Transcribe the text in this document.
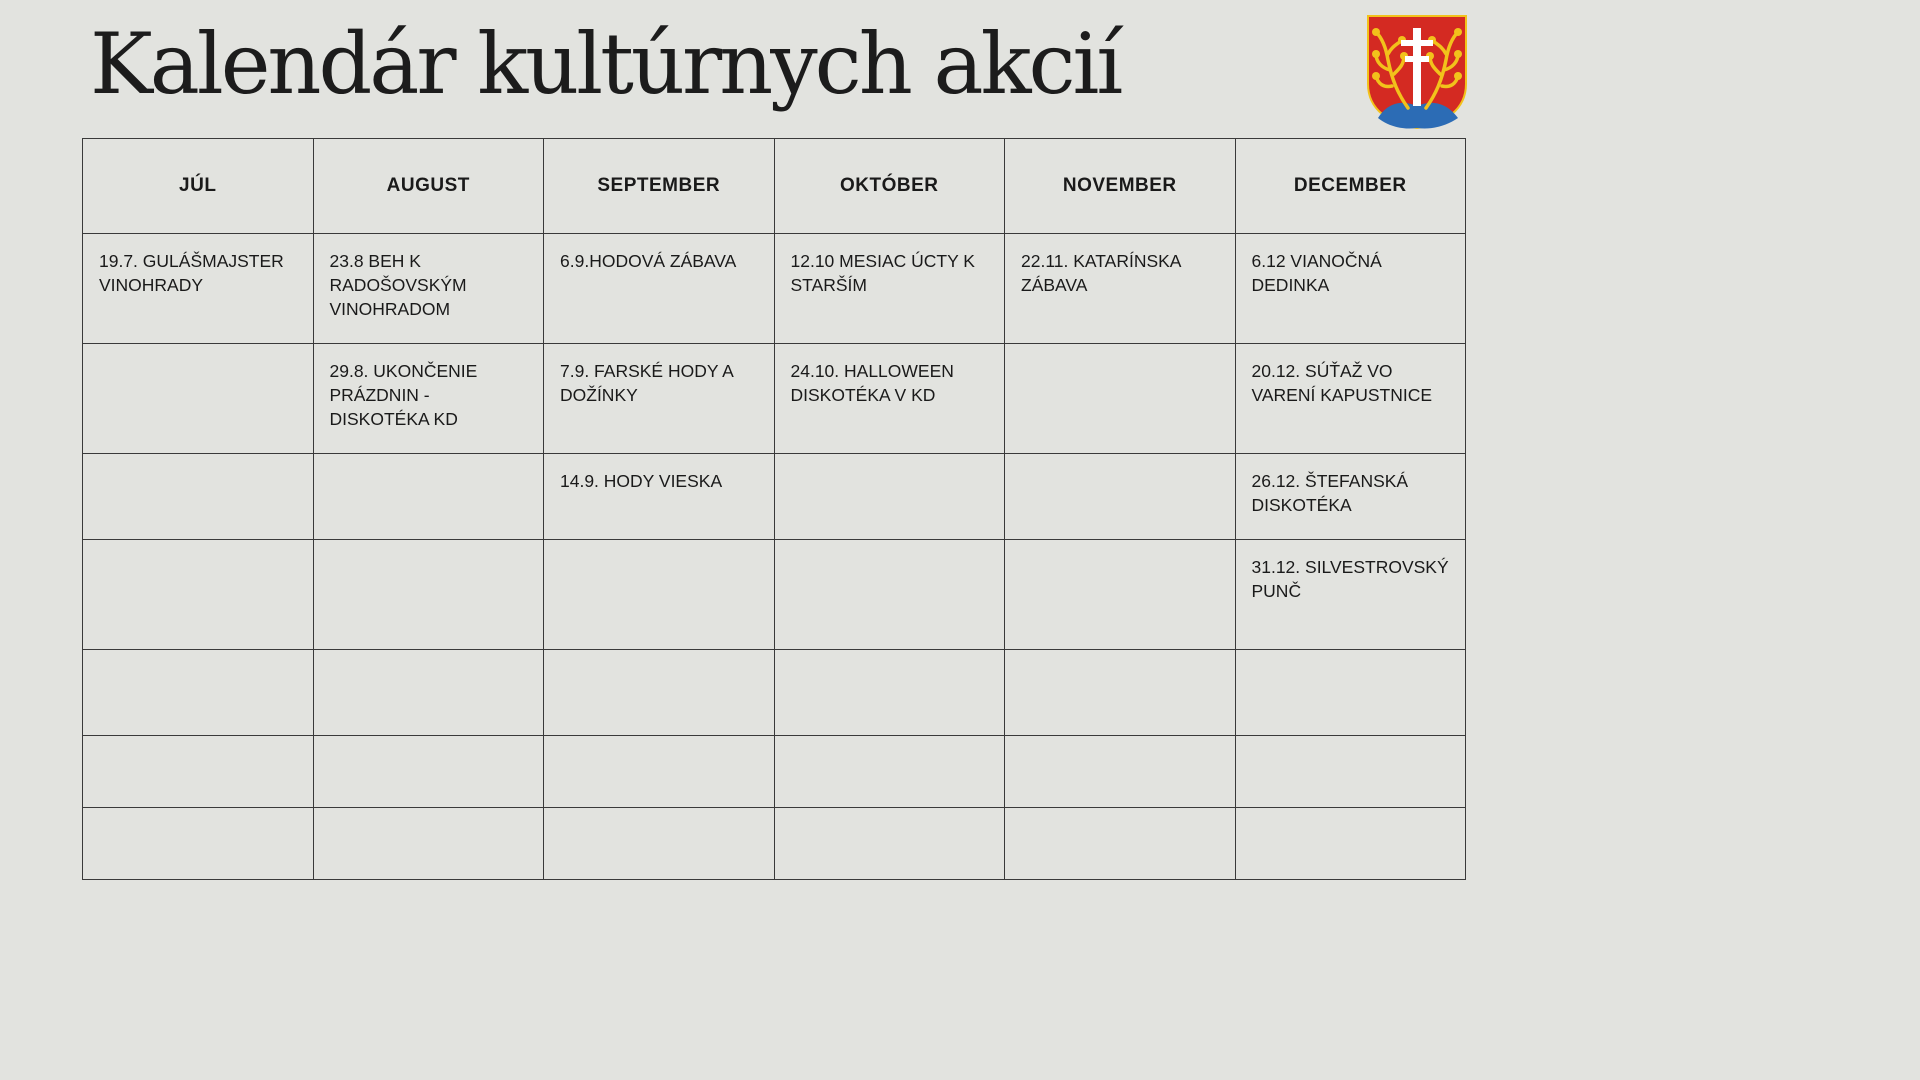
Kalendár kultúrnych akcií
JÚL	AUGUST	SEPTEMBER	OKTÓBER	NOVEMBER	DECEMBER
19.7. GULÁŠMAJSTER VINOHRADY	23.8 BEH K RADOŠOVSKÝM VINOHRADOM	6.9.HODOVÁ ZÁBAVA	12.10 MESIAC ÚCTY K STARŠÍM	22.11. KATARÍNSKA ZÁBAVA	6.12 VIANOČNÁ DEDINKA
	29.8. UKONČENIE PRÁZDNIN - DISKOTÉKA KD	7.9. FARSKÉ HODY A DOŽÍNKY	24.10. HALLOWEEN DISKOTÉKA V KD		20.12. SÚŤAŽ VO VARENÍ KAPUSTNICE
		14.9. HODY VIESKA			26.12. ŠTEFANSKÁ DISKOTÉKA
					31.12. SILVESTROVSKÝ PUNČ
